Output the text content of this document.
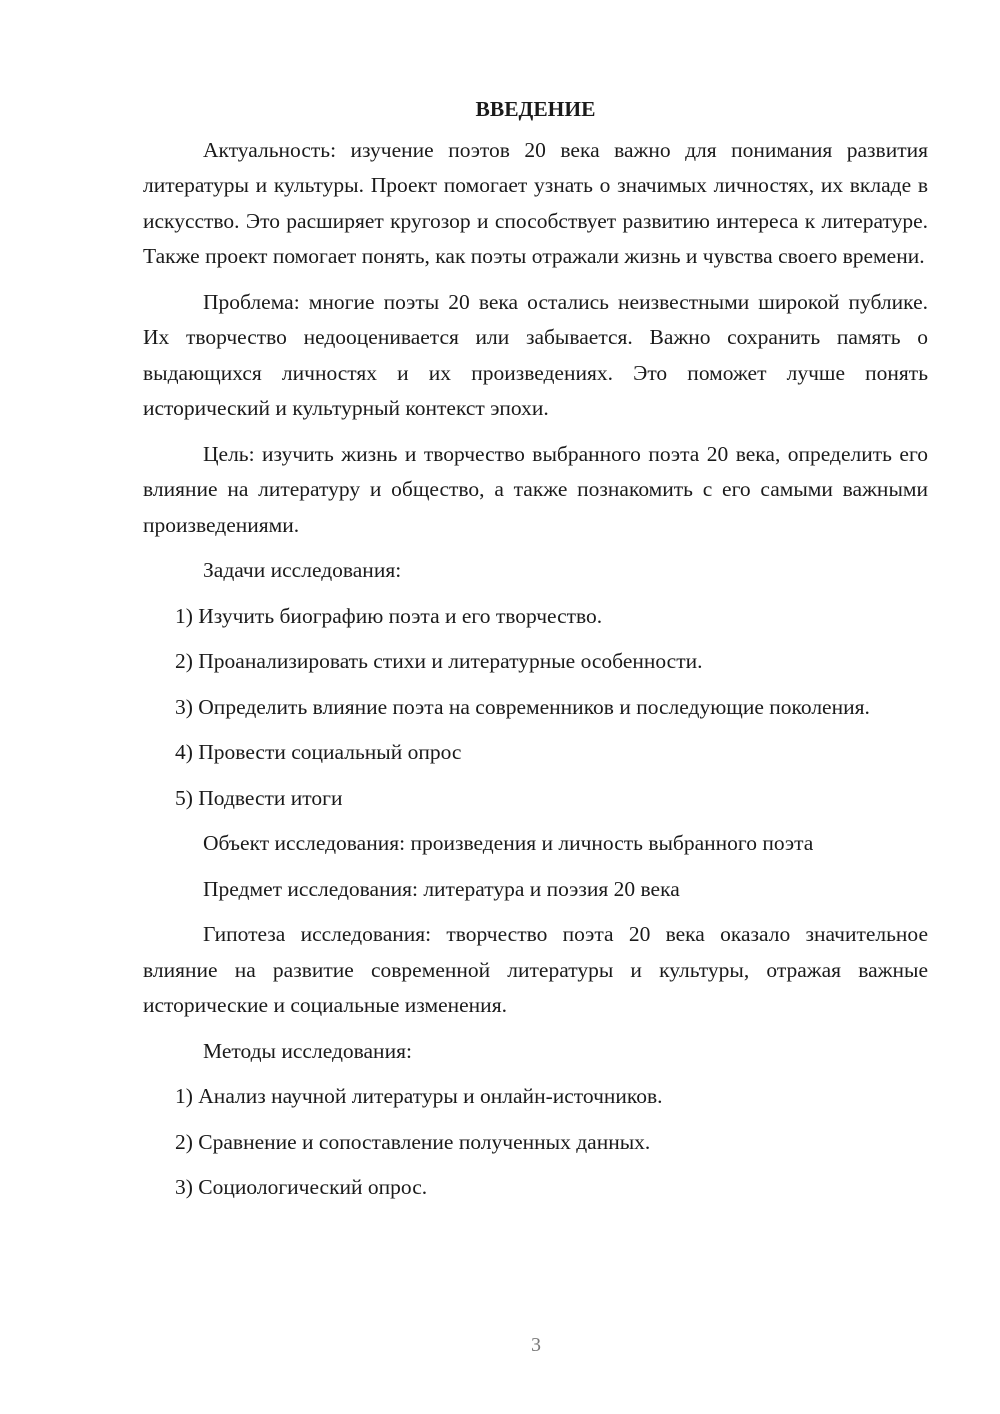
ВВЕДЕНИЕ

Актуальность: изучение поэтов 20 века важно для понимания развития литературы и культуры. Проект помогает узнать о значимых личностях, их вкладе в искусство. Это расширяет кругозор и способствует развитию интереса к литературе. Также проект помогает понять, как поэты отражали жизнь и чувства своего времени.

Проблема: многие поэты 20 века остались неизвестными широкой публике. Их творчество недооценивается или забывается. Важно сохранить память о выдающихся личностях и их произведениях. Это поможет лучше понять исторический и культурный контекст эпохи.

Цель: изучить жизнь и творчество выбранного поэта 20 века, определить его влияние на литературу и общество, а также познакомить с его самыми важными произведениями.

Задачи исследования:

1) Изучить биографию поэта и его творчество.

2) Проанализировать стихи и литературные особенности.

3) Определить влияние поэта на современников и последующие поколения.

4) Провести социальный опрос

5) Подвести итоги

Объект исследования: произведения и личность выбранного поэта

Предмет исследования: литература и поэзия 20 века

Гипотеза исследования: творчество поэта 20 века оказало значительное влияние на развитие современной литературы и культуры, отражая важные исторические и социальные изменения.

Методы исследования:

1) Анализ научной литературы и онлайн-источников.

2) Сравнение и сопоставление полученных данных.

3) Социологический опрос.

3
